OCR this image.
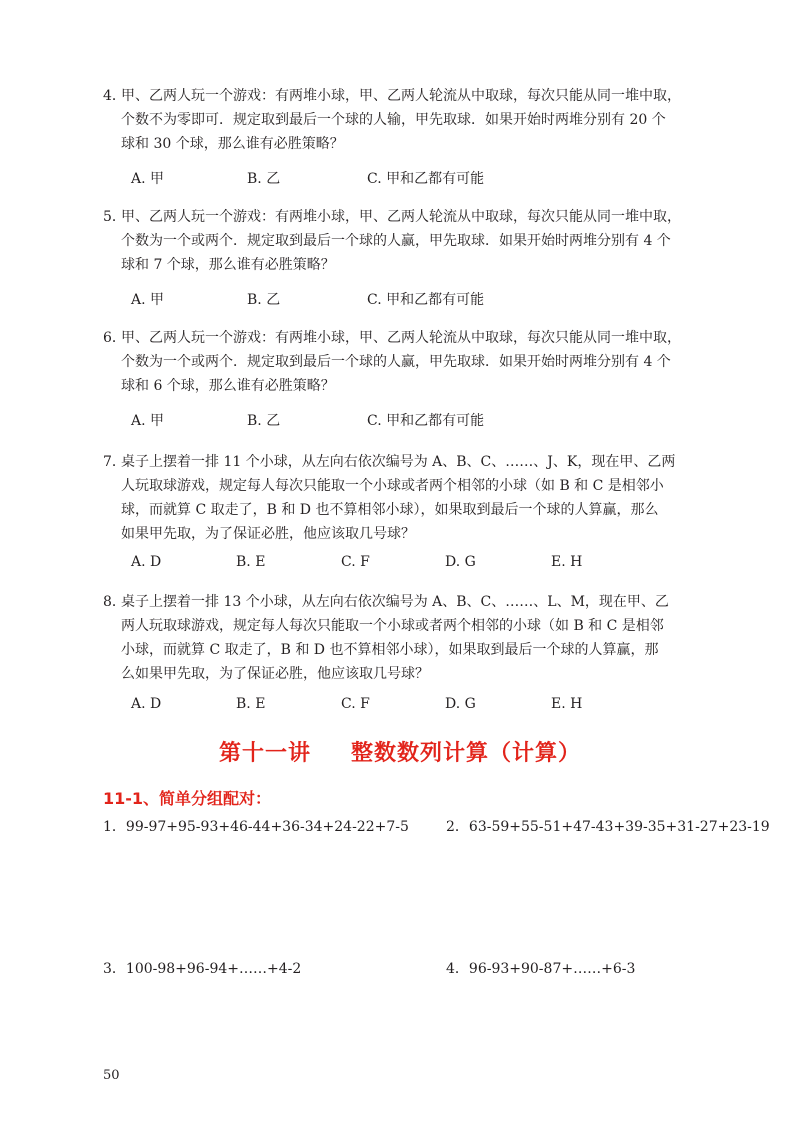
4．
甲、乙两人玩一个游戏：有两堆小球，甲、乙两人轮流从中取球，每次只能从同一堆中取，
个数不为零即可．规定取到最后一个球的人输，甲先取球．如果开始时两堆分别有 20 个
球和 30 个球，那么谁有必胜策略？
A. 甲	B. 乙	C. 甲和乙都有可能
5．
甲、乙两人玩一个游戏：有两堆小球，甲、乙两人轮流从中取球，每次只能从同一堆中取，
个数为一个或两个．规定取到最后一个球的人赢，甲先取球．如果开始时两堆分别有 4 个
球和 7 个球，那么谁有必胜策略？
A. 甲	B. 乙	C. 甲和乙都有可能
6．
甲、乙两人玩一个游戏：有两堆小球，甲、乙两人轮流从中取球，每次只能从同一堆中取，
个数为一个或两个．规定取到最后一个球的人赢，甲先取球．如果开始时两堆分别有 4 个
球和 6 个球，那么谁有必胜策略？
A. 甲	B. 乙	C. 甲和乙都有可能
7．
桌子上摆着一排 11 个小球，从左向右依次编号为 A、B、C、……、J、K，现在甲、乙两
人玩取球游戏，规定每人每次只能取一个小球或者两个相邻的小球（如 B 和 C 是相邻小
球，而就算 C 取走了，B 和 D 也不算相邻小球），如果取到最后一个球的人算赢，那么
如果甲先取，为了保证必胜，他应该取几号球？
A. D	B. E	C. F	D. G	E. H
8．
桌子上摆着一排 13 个小球，从左向右依次编号为 A、B、C、……、L、M，现在甲、乙
两人玩取球游戏，规定每人每次只能取一个小球或者两个相邻的小球（如 B 和 C 是相邻
小球，而就算 C 取走了，B 和 D 也不算相邻小球），如果取到最后一个球的人算赢，那
么如果甲先取，为了保证必胜，他应该取几号球？
A. D	B. E	C. F	D. G	E. H
第十一讲 整数数列计算（计算）
11-1、简单分组配对：
1．99-97+95-93+46-44+36-34+24-22+7-5	2．63-59+55-51+47-43+39-35+31-27+23-19
3．100-98+96-94+……+4-2	4．96-93+90-87+……+6-3
50
